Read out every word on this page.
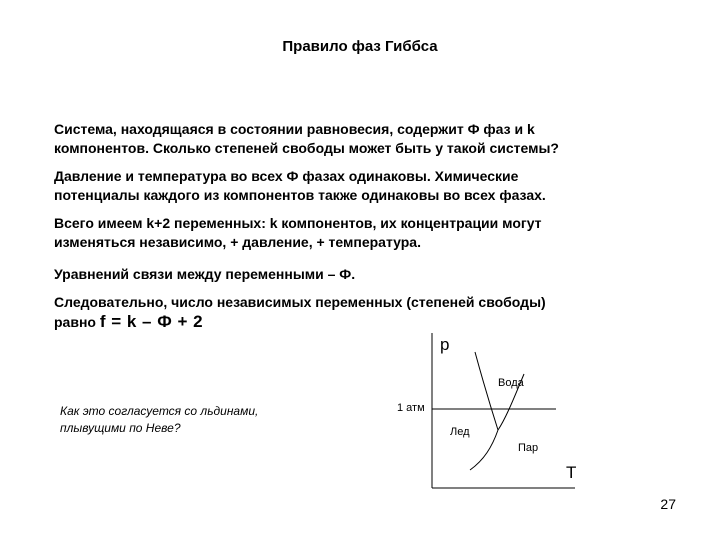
Правило фаз Гиббса
Система, находящаяся в состоянии равновесия, содержит Ф фаз и k
компонентов. Сколько степеней свободы может быть у такой системы?
Давление и температура во всех Ф фазах одинаковы. Химические
потенциалы каждого из компонентов также одинаковы во всех фазах.
Всего имеем k+2 переменных: k компонентов, их концентрации могут
изменяться независимо, + давление, + температура.
Уравнений связи между переменными – Ф.
Следовательно, число независимых переменных (степеней свободы)
равно f = k – Ф + 2
Как это согласуется со льдинами,
плывущими по Неве?
p
T
1 атм
Вода
Лед
Пар
27
